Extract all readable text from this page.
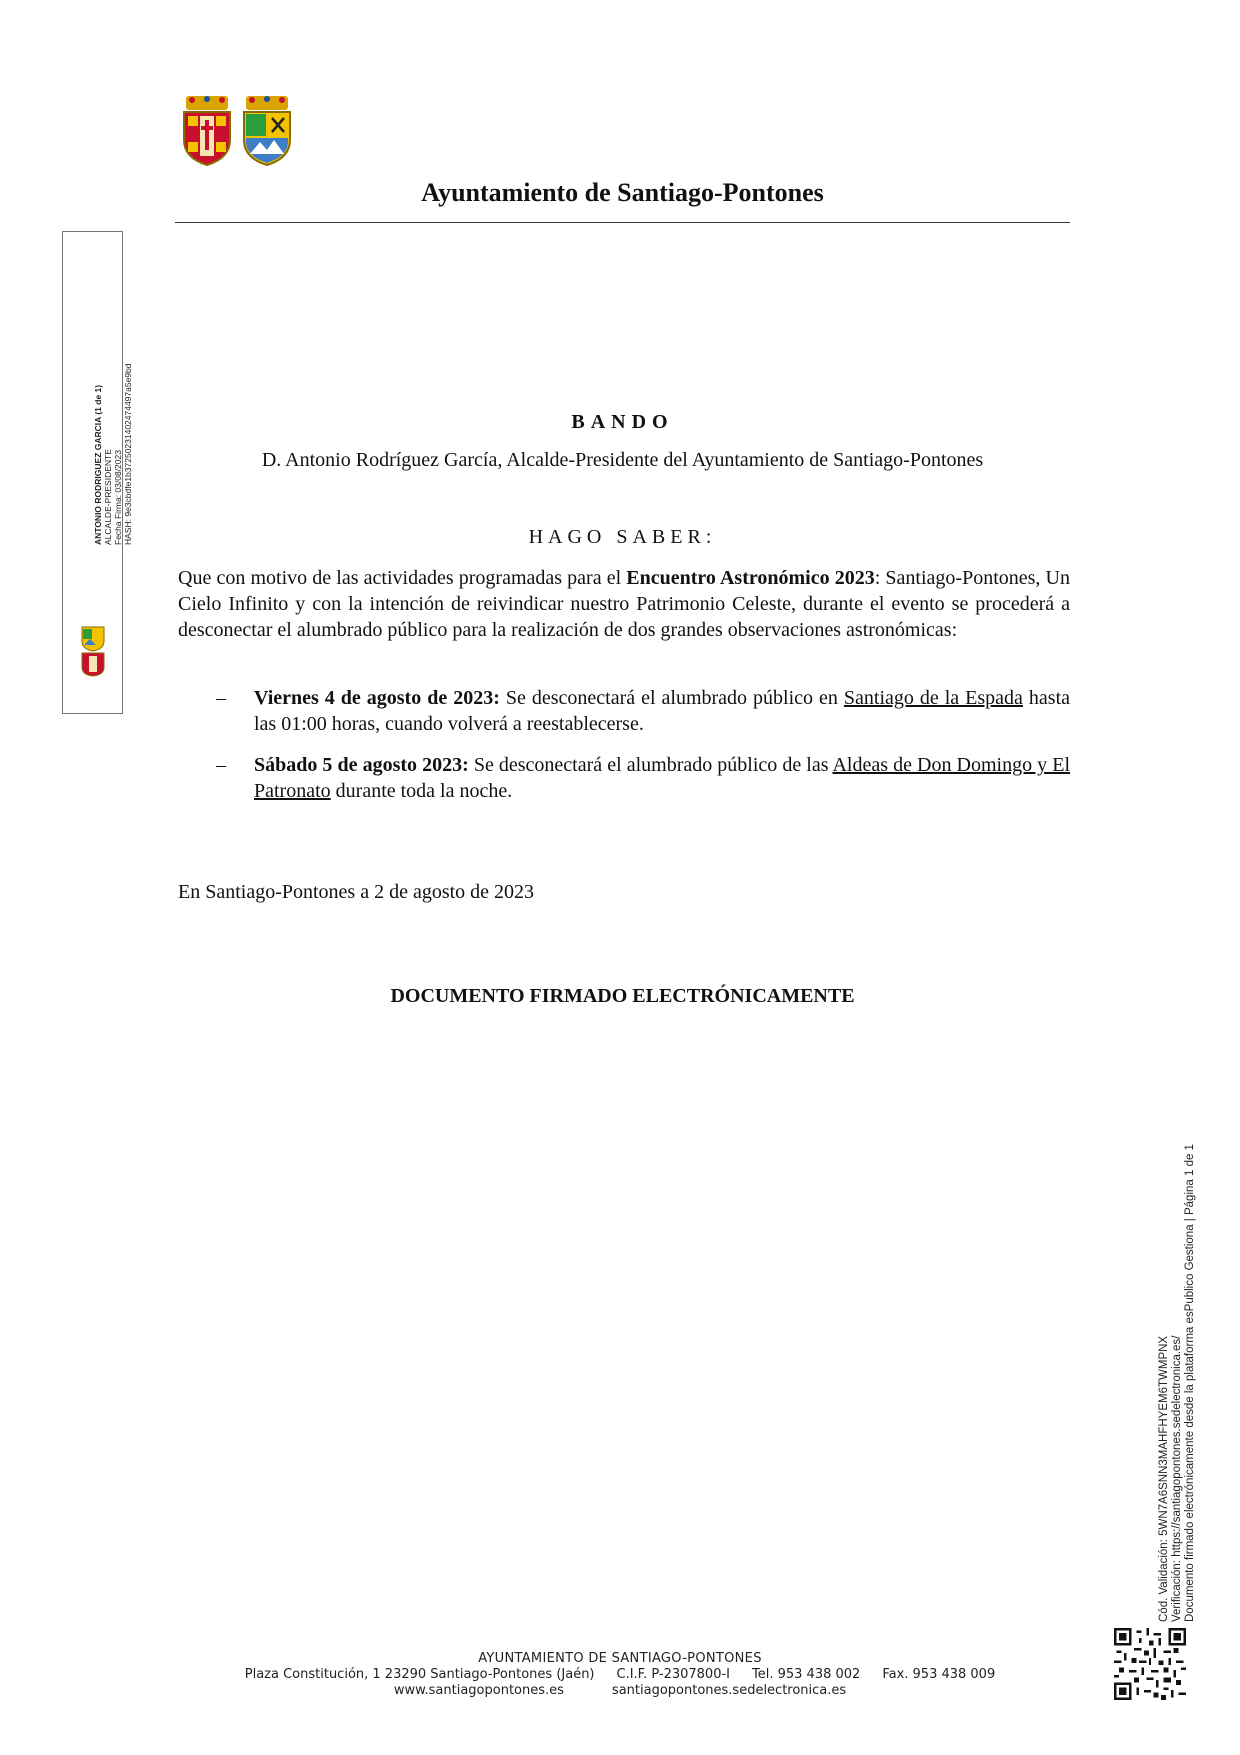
Ayuntamiento de Santiago-Pontones
ANTONIO RODRIGUEZ GARCIA (1 de 1) ALCALDE-PRESIDENTE Fecha Firma: 03/08/2023 HASH: 9e3cbdfe1b37250231402474497a5e9bd	BANDO
D. Antonio Rodríguez García, Alcalde-Presidente del Ayuntamiento de Santiago-Pontones
HAGO SABER:
Que con motivo de las actividades programadas para el Encuentro Astronómico 2023: Santiago-Pontones, Un Cielo Infinito y con la intención de reivindicar nuestro Patrimonio Celeste, durante el evento se procederá a desconectar el alumbrado público para la realización de dos grandes observaciones astronómicas:
– Viernes 4 de agosto de 2023: Se desconectará el alumbrado público en Santiago de la Espada hasta las 01:00 horas, cuando volverá a reestablecerse.
– Sábado 5 de agosto 2023: Se desconectará el alumbrado público de las Aldeas de Don Domingo y El Patronato durante toda la noche.
En Santiago-Pontones a 2 de agosto de 2023
DOCUMENTO FIRMADO ELECTRÓNICAMENTE
Cód. Validación: 5WN7A6SNN3MAHFHYEM6TWMPNX Verificación: https://santiagopontones.sedelectronica.es/ Documento firmado electrónicamente desde la plataforma esPublico Gestiona | Página 1 de 1
AYUNTAMIENTO DE SANTIAGO-PONTONES
Plaza Constitución, 1 23290 Santiago-Pontones (Jaén) C.I.F. P-2307800-I Tel. 953 438 002 Fax. 953 438 009
www.santiagopontones.es	santiagopontones.sedelectronica.es
